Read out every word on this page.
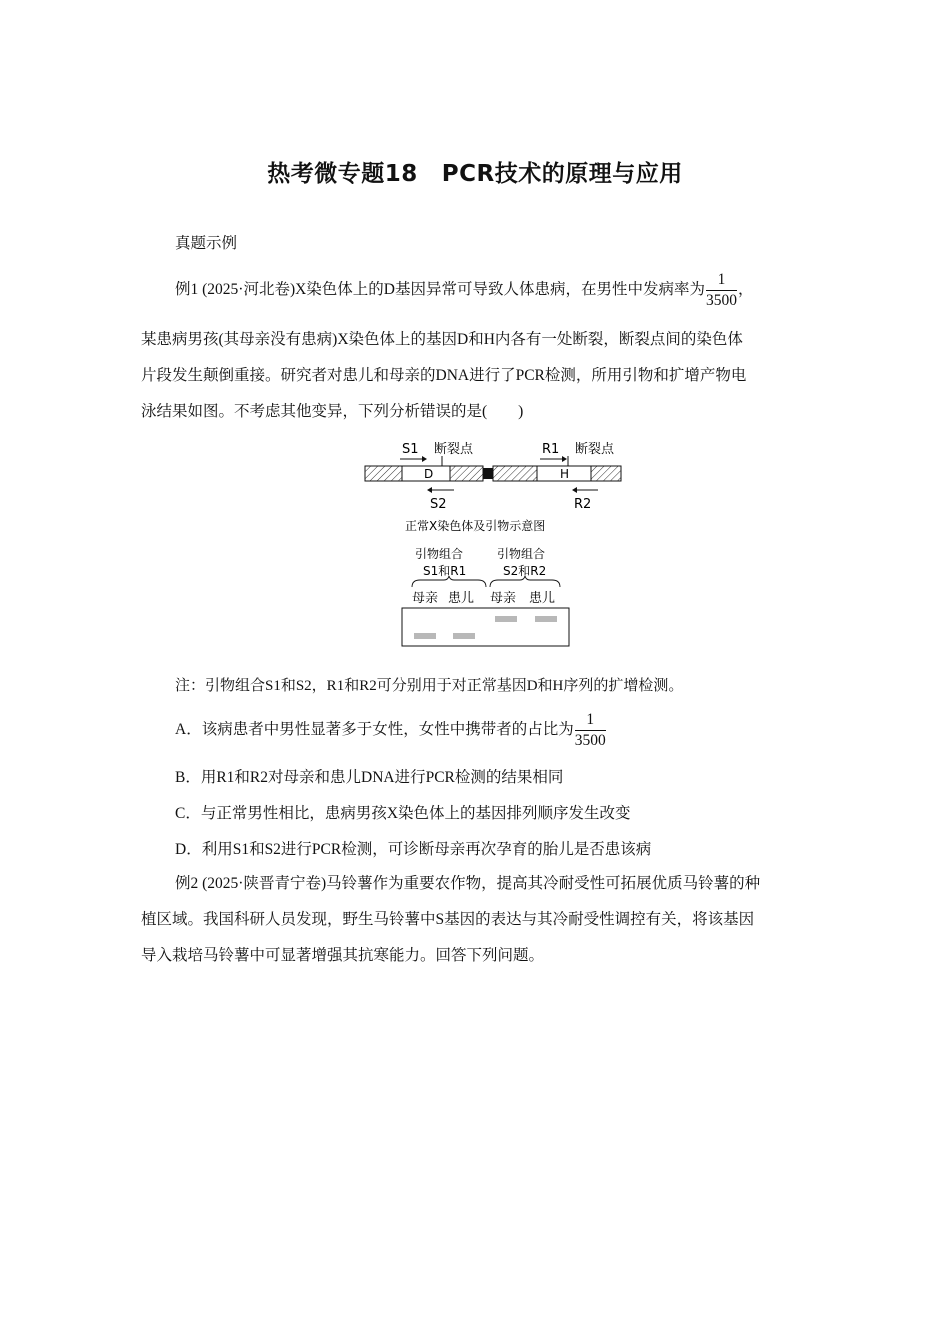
热考微专题18 PCR技术的原理与应用
真题示例
例1 (2025·河北卷)X染色体上的D基因异常可导致人体患病，在男性中发病率为 $\frac{1}{3500}$ ，
某患病男孩(其母亲没有患病)X染色体上的基因D和H内各有一处断裂，断裂点间的染色体
片段发生颠倒重接。研究者对患儿和母亲的DNA进行了PCR检测，所用引物和扩增产物电
泳结果如图。不考虑其他变异，下列分析错误的是(　　)
S1 断裂点	R1 断裂点
D	H
S2	R2
正常X染色体及引物示意图
引物组合
S1和R1
引物组合
S2和R2
母亲 患儿 母亲 患儿
注：引物组合S1和S2，R1和R2可分别用于对正常基因D和H序列的扩增检测。
A．该病患者中男性显著多于女性，女性中携带者的占比为 $\frac{1}{3500}$
B．用R1和R2对母亲和患儿DNA进行PCR检测的结果相同
C．与正常男性相比，患病男孩X染色体上的基因排列顺序发生改变
D．利用S1和S2进行PCR检测，可诊断母亲再次孕育的胎儿是否患该病
例2 (2025·陕晋青宁卷)马铃薯作为重要农作物，提高其冷耐受性可拓展优质马铃薯的种
植区域。我国科研人员发现，野生马铃薯中S基因的表达与其冷耐受性调控有关，将该基因
导入栽培马铃薯中可显著增强其抗寒能力。回答下列问题。
